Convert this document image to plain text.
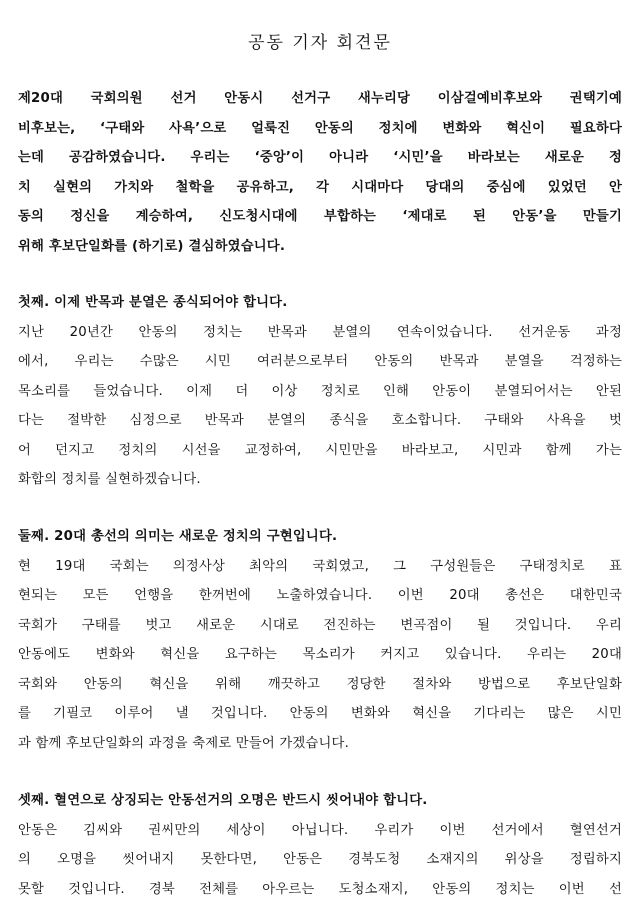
공동 기자 회견문
제20대 국회의원 선거 안동시 선거구 새누리당 이삼걸예비후보와 권택기예
비후보는, ‘구태와 사욕’으로 얼룩진 안동의 정치에 변화와 혁신이 필요하다
는데 공감하였습니다. 우리는 ‘중앙’이 아니라 ‘시민’을 바라보는 새로운 정
치 실현의 가치와 철학을 공유하고, 각 시대마다 당대의 중심에 있었던 안
동의 정신을 계승하여, 신도청시대에 부합하는 ‘제대로 된 안동’을 만들기
위해 후보단일화를 (하기로) 결심하였습니다.
첫째. 이제 반목과 분열은 종식되어야 합니다.
지난 20년간 안동의 정치는 반목과 분열의 연속이었습니다. 선거운동 과정
에서, 우리는 수많은 시민 여러분으로부터 안동의 반목과 분열을 걱정하는
목소리를 들었습니다. 이제 더 이상 정치로 인해 안동이 분열되어서는 안된
다는 절박한 심정으로 반목과 분열의 종식을 호소합니다. 구태와 사욕을 벗
어 던지고 정치의 시선을 교정하여, 시민만을 바라보고, 시민과 함께 가는
화합의 정치를 실현하겠습니다.
둘째. 20대 총선의 의미는 새로운 정치의 구현입니다.
현 19대 국회는 의정사상 최악의 국회였고, 그 구성원들은 구태정치로 표
현되는 모든 언행을 한꺼번에 노출하였습니다. 이번 20대 총선은 대한민국
국회가 구태를 벗고 새로운 시대로 전진하는 변곡점이 될 것입니다. 우리
안동에도 변화와 혁신을 요구하는 목소리가 커지고 있습니다. 우리는 20대
국회와 안동의 혁신을 위해 깨끗하고 정당한 절차와 방법으로 후보단일화
를 기필코 이루어 낼 것입니다. 안동의 변화와 혁신을 기다리는 많은 시민
과 함께 후보단일화의 과정을 축제로 만들어 가겠습니다.
셋째. 혈연으로 상징되는 안동선거의 오명은 반드시 씻어내야 합니다.
안동은 김씨와 권씨만의 세상이 아닙니다. 우리가 이번 선거에서 혈연선거
의 오명을 씻어내지 못한다면, 안동은 경북도청 소재지의 위상을 정립하지
못할 것입니다. 경북 전체를 아우르는 도청소재지, 안동의 정치는 이번 선
